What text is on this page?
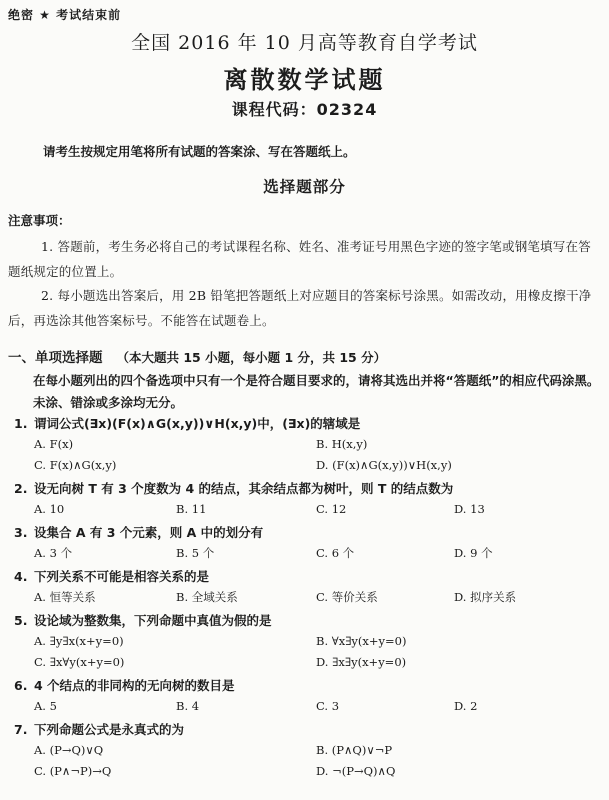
绝密 ★ 考试结束前
全国 2016 年 10 月高等教育自学考试
离散数学试题
课程代码：02324
请考生按规定用笔将所有试题的答案涂、写在答题纸上。
选择题部分
注意事项：
1. 答题前，考生务必将自己的考试课程名称、姓名、准考证号用黑色字迹的签字笔或钢笔填写在答题纸规定的位置上。
2. 每小题选出答案后，用 2B 铅笔把答题纸上对应题目的答案标号涂黑。如需改动，用橡皮擦干净后，再选涂其他答案标号。不能答在试题卷上。
一、单项选择题 （本大题共 15 小题，每小题 1 分，共 15 分）
在每小题列出的四个备选项中只有一个是符合题目要求的，请将其选出并将“答题纸”的相应代码涂黑。未涂、错涂或多涂均无分。
1. 谓词公式(∃x)(F(x)∧G(x,y))∨H(x,y)中，(∃x)的辖域是
A. F(x)	B. H(x,y)
C. F(x)∧G(x,y)	D. (F(x)∧G(x,y))∨H(x,y)
2. 设无向树 T 有 3 个度数为 4 的结点，其余结点都为树叶，则 T 的结点数为
A. 10	B. 11	C. 12	D. 13
3. 设集合 A 有 3 个元素，则 A 中的划分有
A. 3 个	B. 5 个	C. 6 个	D. 9 个
4. 下列关系不可能是相容关系的是
A. 恒等关系	B. 全域关系	C. 等价关系	D. 拟序关系
5. 设论域为整数集，下列命题中真值为假的是
A. ∃y∃x(x+y=0)	B. ∀x∃y(x+y=0)
C. ∃x∀y(x+y=0)	D. ∃x∃y(x+y=0)
6. 4 个结点的非同构的无向树的数目是
A. 5	B. 4	C. 3	D. 2
7. 下列命题公式是永真式的为
A. (P→Q)∨Q	B. (P∧Q)∨¬P
C. (P∧¬P)→Q	D. ¬(P→Q)∧Q
